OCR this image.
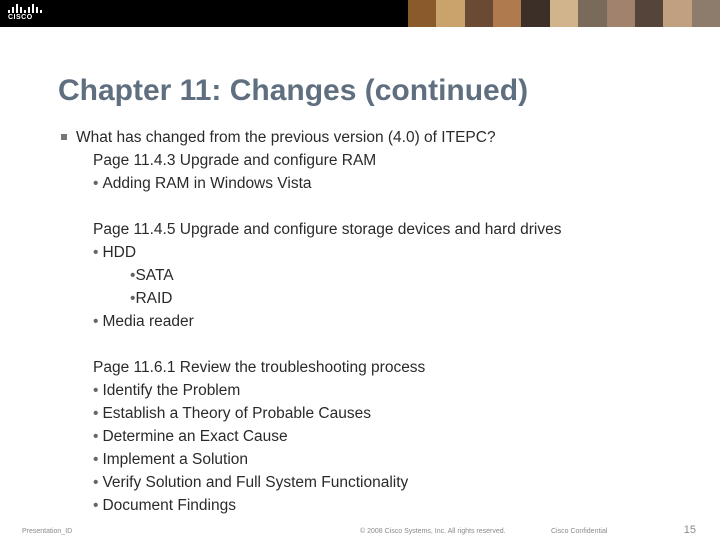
CISCO
Chapter 11: Changes (continued)
What has changed from the previous version (4.0) of ITEPC?
Page 11.4.3 Upgrade and configure RAM
• Adding RAM in Windows Vista
Page 11.4.5 Upgrade and configure storage devices and hard drives
• HDD
•SATA
•RAID
• Media reader
Page 11.6.1 Review the troubleshooting process
• Identify the Problem
• Establish a Theory of Probable Causes
• Determine an Exact Cause
• Implement a Solution
• Verify Solution and Full System Functionality
• Document Findings
Presentation_ID	© 2008 Cisco Systems, Inc. All rights reserved.	Cisco Confidential	15
